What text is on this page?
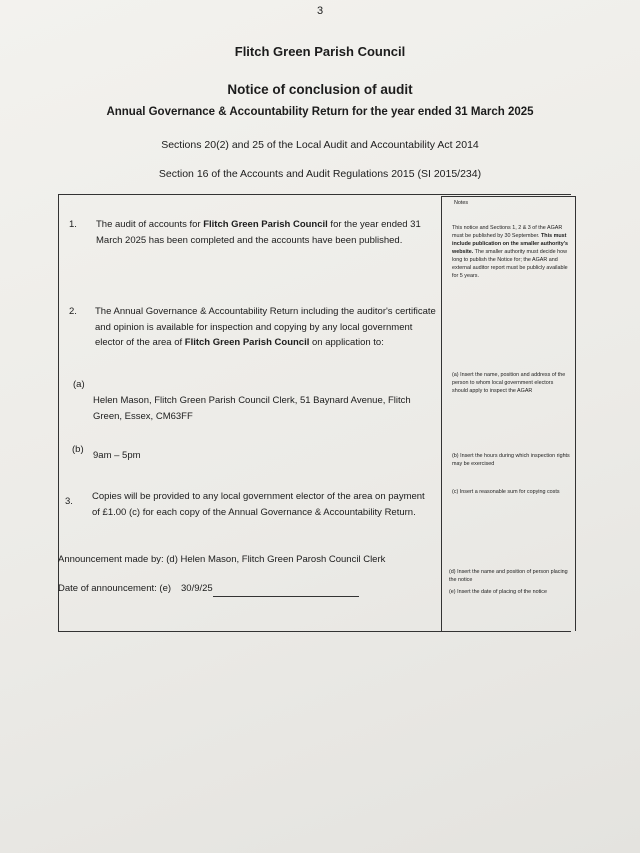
3
Flitch Green Parish Council
Notice of conclusion of audit
Annual Governance & Accountability Return for the year ended 31 March 2025
Sections 20(2) and 25 of the Local Audit and Accountability Act 2014
Section 16 of the Accounts and Audit Regulations 2015 (SI 2015/234)
Notes
This notice and Sections 1, 2 & 3 of the AGAR must be published by 30 September. This must include publication on the smaller authority's website. The smaller authority must decide how long to publish the Notice for; the AGAR and external auditor report must be publicly available for 5 years.
(a) Insert the name, position and address of the person to whom local government electors should apply to inspect the AGAR
(b) Insert the hours during which inspection rights may be exercised
(c) Insert a reasonable sum for copying costs
(d) Insert the name and position of person placing the notice
(e) Insert the date of placing of the notice
1. The audit of accounts for Flitch Green Parish Council for the year ended 31 March 2025 has been completed and the accounts have been published.
2. The Annual Governance & Accountability Return including the auditor's certificate and opinion is available for inspection and copying by any local government elector of the area of Flitch Green Parish Council on application to:
(a)
Helen Mason, Flitch Green Parish Council Clerk, 51 Baynard Avenue, Flitch Green, Essex, CM63FF
(b)
9am – 5pm
3. Copies will be provided to any local government elector of the area on payment of £1.00 (c) for each copy of the Annual Governance & Accountability Return.
Announcement made by: (d) Helen Mason, Flitch Green Parosh Council Clerk
Date of announcement: (e) 30/9/25
